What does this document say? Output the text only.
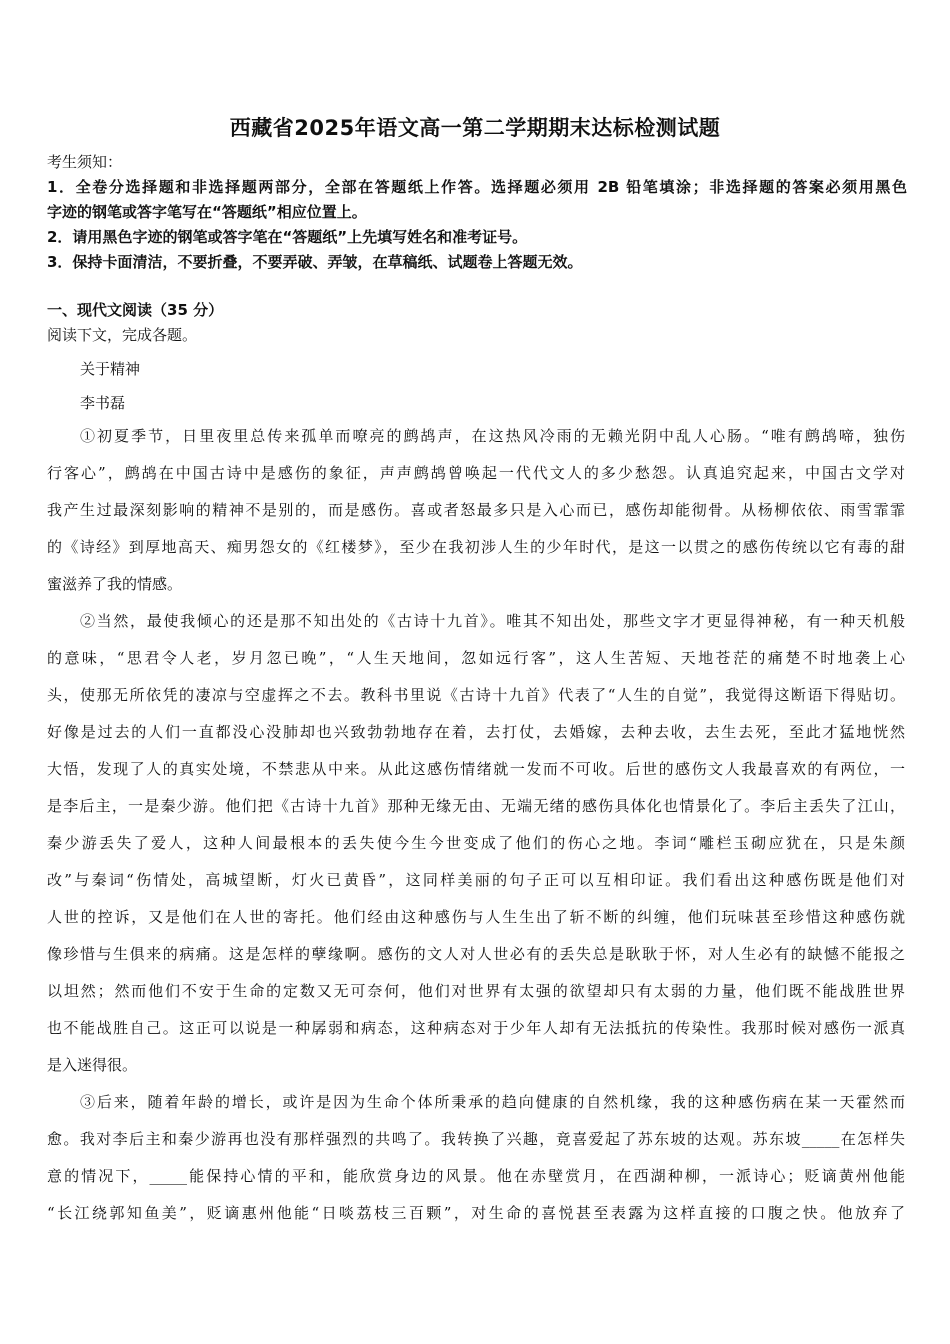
西藏省2025年语文高一第二学期期末达标检测试题
考生须知：
1．全卷分选择题和非选择题两部分，全部在答题纸上作答。选择题必须用 2B 铅笔填涂；非选择题的答案必须用黑色
字迹的钢笔或答字笔写在“答题纸”相应位置上。
2．请用黑色字迹的钢笔或答字笔在“答题纸”上先填写姓名和准考证号。
3．保持卡面清洁，不要折叠，不要弄破、弄皱，在草稿纸、试题卷上答题无效。
一、现代文阅读（35 分）
阅读下文，完成各题。
关于精神
李书磊
①初夏季节，日里夜里总传来孤单而嘹亮的鹧鸪声，在这热风冷雨的无赖光阴中乱人心肠。“唯有鹧鸪啼，独伤
行客心”，鹧鸪在中国古诗中是感伤的象征，声声鹧鸪曾唤起一代代文人的多少愁怨。认真追究起来，中国古文学对
我产生过最深刻影响的精神不是别的，而是感伤。喜或者怒最多只是入心而已，感伤却能彻骨。从杨柳依依、雨雪霏霏
的《诗经》到厚地高天、痴男怨女的《红楼梦》，至少在我初涉人生的少年时代，是这一以贯之的感伤传统以它有毒的甜
蜜滋养了我的情感。
②当然，最使我倾心的还是那不知出处的《古诗十九首》。唯其不知出处，那些文字才更显得神秘，有一种天机般
的意味，“思君令人老，岁月忽已晚”，“人生天地间，忽如远行客”，这人生苦短、天地苍茫的痛楚不时地袭上心
头，使那无所依凭的凄凉与空虚挥之不去。教科书里说《古诗十九首》代表了“人生的自觉”，我觉得这断语下得贴切。
好像是过去的人们一直都没心没肺却也兴致勃勃地存在着，去打仗，去婚嫁，去种去收，去生去死，至此才猛地恍然
大悟，发现了人的真实处境，不禁悲从中来。从此这感伤情绪就一发而不可收。后世的感伤文人我最喜欢的有两位，一
是李后主，一是秦少游。他们把《古诗十九首》那种无缘无由、无端无绪的感伤具体化也情景化了。李后主丢失了江山，
秦少游丢失了爱人，这种人间最根本的丢失使今生今世变成了他们的伤心之地。李词“雕栏玉砌应犹在，只是朱颜
改”与秦词“伤情处，高城望断，灯火已黄昏”，这同样美丽的句子正可以互相印证。我们看出这种感伤既是他们对
人世的控诉，又是他们在人世的寄托。他们经由这种感伤与人生生出了斩不断的纠缠，他们玩味甚至珍惜这种感伤就
像珍惜与生俱来的病痛。这是怎样的孽缘啊。感伤的文人对人世必有的丢失总是耿耿于怀，对人生必有的缺憾不能报之
以坦然；然而他们不安于生命的定数又无可奈何，他们对世界有太强的欲望却只有太弱的力量，他们既不能战胜世界
也不能战胜自己。这正可以说是一种孱弱和病态，这种病态对于少年人却有无法抵抗的传染性。我那时候对感伤一派真
是入迷得很。
③后来，随着年龄的增长，或许是因为生命个体所秉承的趋向健康的自然机缘，我的这种感伤病在某一天霍然而
愈。我对李后主和秦少游再也没有那样强烈的共鸣了。我转换了兴趣，竟喜爱起了苏东坡的达观。苏东坡_____在怎样失
意的情况下，_____能保持心情的平和，能欣赏身边的风景。他在赤壁赏月，在西湖种柳，一派诗心；贬谪黄州他能
“长江绕郭知鱼美”，贬谪惠州他能“日啖荔枝三百颗”，对生命的喜悦甚至表露为这样直接的口腹之快。他放弃了
